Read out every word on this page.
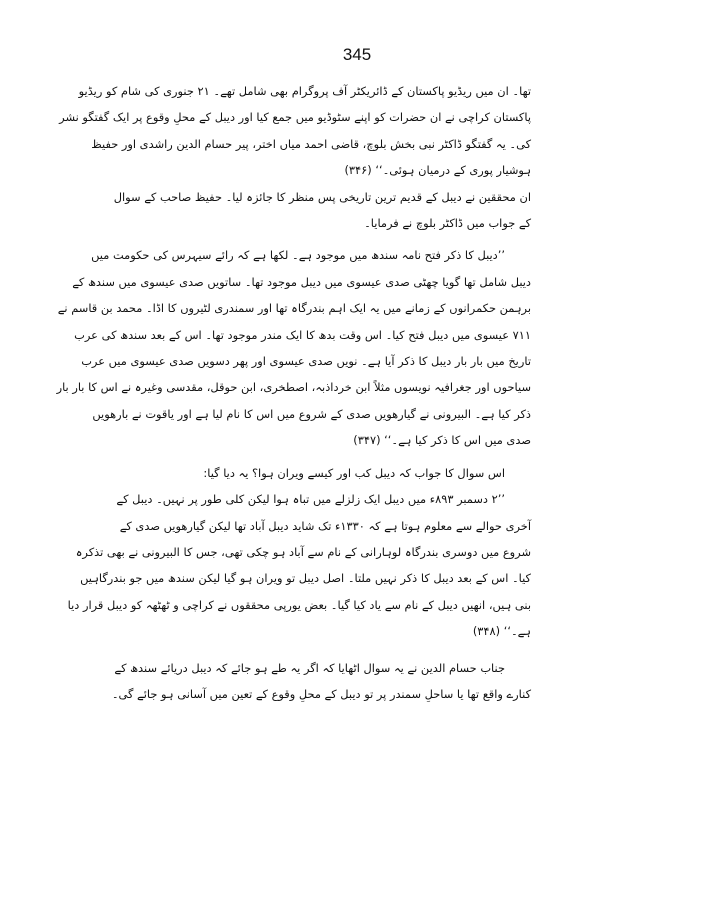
345
تھا۔ ان میں ریڈیو پاکستان کے ڈائریکٹر آف پروگرام بھی شامل تھے۔ ۲۱ جنوری کی شام کو ریڈیو
پاکستان کراچی نے ان حضرات کو اپنے سٹوڈیو میں جمع کیا اور دیبل کے محلِ وقوع پر ایک گفتگو نشر
کی۔ یہ گفتگو ڈاکٹر نبی بخش بلوچ، قاضی احمد میاں اختر، پیر حسام الدین راشدی اور حفیظ
ہوشیار پوری کے درمیان ہوئی۔‘‘ (۳۴۶)
ان محققین نے دیبل کے قدیم ترین تاریخی پس منظر کا جائزہ لیا۔ حفیظ صاحب کے سوال
کے جواب میں ڈاکٹر بلوچ نے فرمایا۔
’’دیبل کا ذکر فتح نامہ سندھ میں موجود ہے۔ لکھا ہے کہ رائے سیہرس کی حکومت میں
دیبل شامل تھا گویا چھٹی صدی عیسوی میں دیبل موجود تھا۔ ساتویں صدی عیسوی میں سندھ کے
برہمن حکمرانوں کے زمانے میں یہ ایک اہم بندرگاہ تھا اور سمندری لٹیروں کا اڈا۔ محمد بن قاسم نے
۷۱۱ عیسوی میں دیبل فتح کیا۔ اس وقت بدھ کا ایک مندر موجود تھا۔ اس کے بعد سندھ کی عرب
تاریخ میں بار بار دیبل کا ذکر آیا ہے۔ نویں صدی عیسوی اور پھر دسویں صدی عیسوی میں عرب
سیاحوں اور جغرافیہ نویسوں مثلاً ابن خرداذبہ، اصطخری، ابن حوقل، مقدسی وغیرہ نے اس کا بار بار
ذکر کیا ہے۔ البیرونی نے گیارھویں صدی کے شروع میں اس کا نام لیا ہے اور یاقوت نے بارھویں
صدی میں اس کا ذکر کیا ہے۔‘‘ (۳۴۷)
اس سوال کا جواب کہ دیبل کب اور کیسے ویران ہوا؟ یہ دیا گیا:
’’۲ دسمبر ۸۹۳ء میں دیبل ایک زلزلے میں تباہ ہوا لیکن کلی طور پر نہیں۔ دیبل کے
آخری حوالے سے معلوم ہوتا ہے کہ ۱۳۳۰ء تک شاید دیبل آباد تھا لیکن گیارھویں صدی کے
شروع میں دوسری بندرگاہ لوہارانی کے نام سے آباد ہو چکی تھی، جس کا البیرونی نے بھی تذکرہ
کیا۔ اس کے بعد دیبل کا ذکر نہیں ملتا۔ اصل دیبل تو ویران ہو گیا لیکن سندھ میں جو بندرگاہیں
بنی ہیں، انھیں دیبل کے نام سے یاد کیا گیا۔ بعض یورپی محققوں نے کراچی و ٹھٹھہ کو دیبل قرار دیا
ہے۔‘‘ (۳۴۸)
جناب حسام الدین نے یہ سوال اٹھایا کہ اگر یہ طے ہو جائے کہ دیبل دریائے سندھ کے
کنارے واقع تھا یا ساحلِ سمندر پر تو دیبل کے محلِ وقوع کے تعین میں آسانی ہو جائے گی۔
